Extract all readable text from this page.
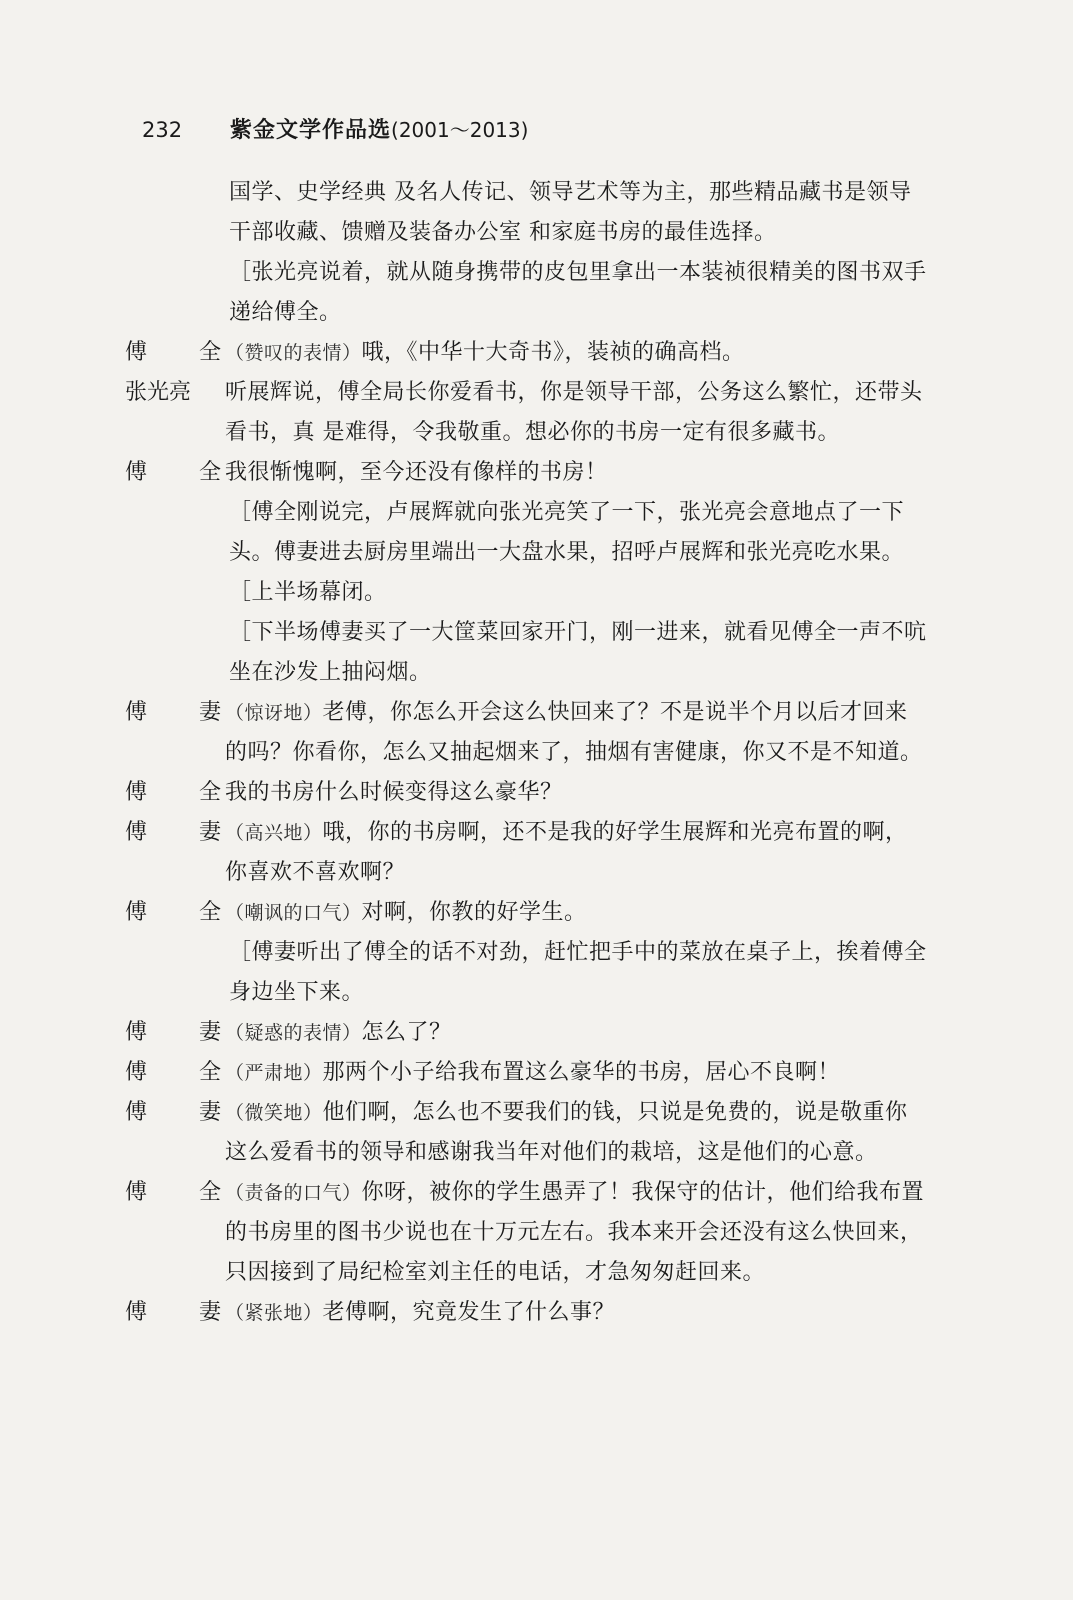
232	紫金文学作品选 (2001～2013)
国学、史学经典 及名人传记、领导艺术等为主，那些精品藏书是领导干部收藏、馈赠及装备办公室 和家庭书房的最佳选择。
［张光亮说着，就从随身携带的皮包里拿出一本装祯很精美的图书双手递给傅全。
傅全 （赞叹的表情）哦，《中华十大奇书》，装祯的确高档。
张光亮	听展辉说，傅全局长你爱看书，你是领导干部，公务这么繁忙，还带头看书，真 是难得，令我敬重。想必你的书房一定有很多藏书。
傅全 我很惭愧啊，至今还没有像样的书房！
［傅全刚说完，卢展辉就向张光亮笑了一下，张光亮会意地点了一下头。傅妻进去厨房里端出一大盘水果，招呼卢展辉和张光亮吃水果。
［上半场幕闭。
［下半场傅妻买了一大筐菜回家开门，刚一进来，就看见傅全一声不吭坐在沙发上抽闷烟。
傅妻 （惊讶地）老傅，你怎么开会这么快回来了？不是说半个月以后才回来的吗？你看你，怎么又抽起烟来了，抽烟有害健康，你又不是不知道。
傅全 我的书房什么时候变得这么豪华？
傅妻 （高兴地）哦，你的书房啊，还不是我的好学生展辉和光亮布置的啊，你喜欢不喜欢啊？
傅全 （嘲讽的口气）对啊，你教的好学生。
［傅妻听出了傅全的话不对劲，赶忙把手中的菜放在桌子上，挨着傅全身边坐下来。
傅妻 （疑惑的表情）怎么了？
傅全 （严肃地）那两个小子给我布置这么豪华的书房，居心不良啊！
傅妻 （微笑地）他们啊，怎么也不要我们的钱，只说是免费的，说是敬重你这么爱看书的领导和感谢我当年对他们的栽培，这是他们的心意。
傅全 （责备的口气）你呀，被你的学生愚弄了！我保守的估计，他们给我布置的书房里的图书少说也在十万元左右。我本来开会还没有这么快回来，只因接到了局纪检室刘主任的电话，才急匆匆赶回来。
傅妻 （紧张地）老傅啊，究竟发生了什么事？
